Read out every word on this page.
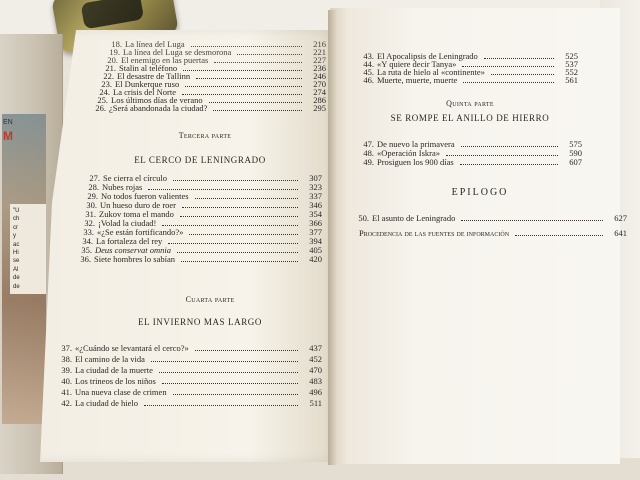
EN
M
"U
ch
cr
y
ac
Hi
se
Al
de
de
18. La línea del Luga	216
19. La línea del Luga se desmorona	221
20. El enemigo en las puertas	227
21. Stalin al teléfono	236
22. El desastre de Tallinn	246
23. El Dunkerque ruso	270
24. La crisis del Norte	274
25. Los últimos días de verano	286
26. ¿Será abandonada la ciudad?	295
Tercera parte
EL CERCO DE LENINGRADO
27. Se cierra el círculo	307
28. Nubes rojas	323
29. No todos fueron valientes	337
30. Un hueso duro de roer	346
31. Zukov toma el mando	354
32. ¡Volad la ciudad!	366
33. «¿Se están fortificando?»	377
34. La fortaleza del rey	394
35. Deus conservat omnia	405
36. Siete hombres lo sabían	420
Cuarta parte
EL INVIERNO MAS LARGO
37. «¿Cuándo se levantará el cerco?»	437
38. El camino de la vida	452
39. La ciudad de la muerte	470
40. Los trineos de los niños	483
41. Una nueva clase de crimen	496
42. La ciudad de hielo	511
43. El Apocalipsis de Leningrado	525
44. «Y quiere decir Tanya»	537
45. La ruta de hielo al «continente»	552
46. Muerte, muerte, muerte	561
Quinta parte
SE ROMPE EL ANILLO DE HIERRO
47. De nuevo la primavera	575
48. «Operación Iskra»	590
49. Prosiguen los 900 días	607
EPILOGO
50. El asunto de Leningrado	627
Procedencia de las fuentes de información	641
